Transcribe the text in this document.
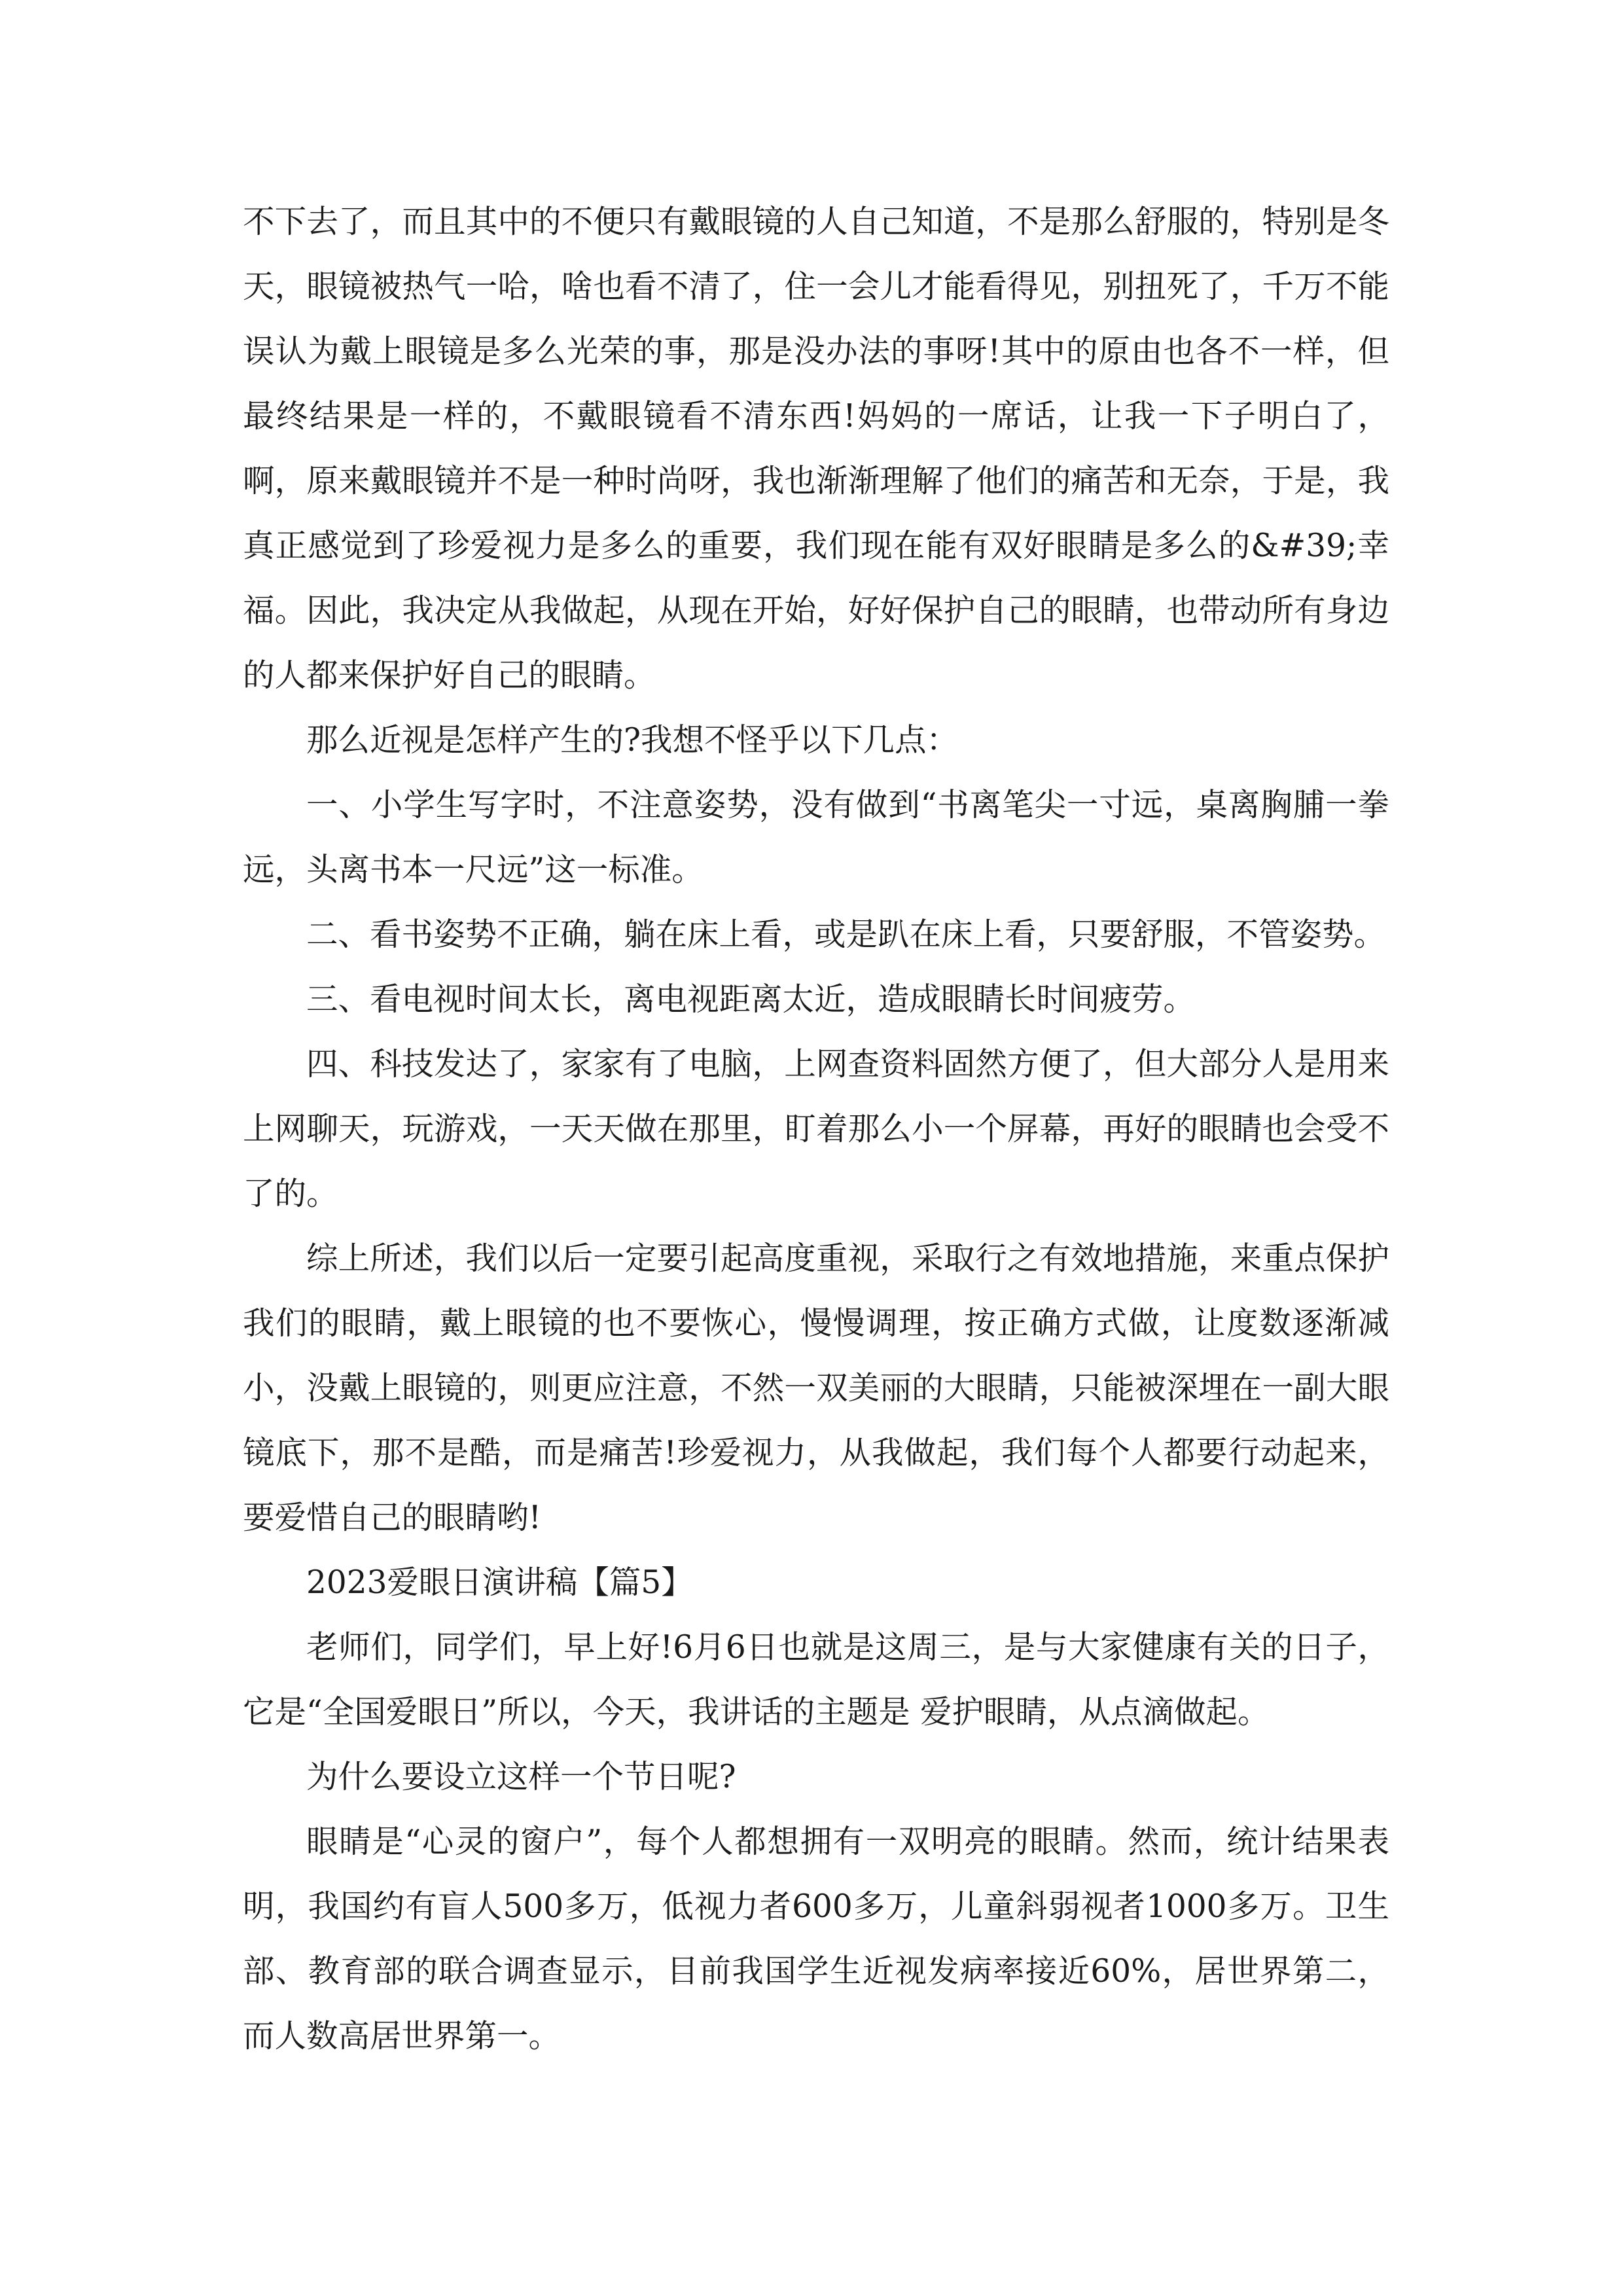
不下去了，而且其中的不便只有戴眼镜的人自己知道，不是那么舒服的，特别是冬天，眼镜被热气一哈，啥也看不清了，住一会儿才能看得见，别扭死了，千万不能误认为戴上眼镜是多么光荣的事，那是没办法的事呀!其中的原由也各不一样，但最终结果是一样的，不戴眼镜看不清东西!妈妈的一席话，让我一下子明白了，啊，原来戴眼镜并不是一种时尚呀，我也渐渐理解了他们的痛苦和无奈，于是，我真正感觉到了珍爱视力是多么的重要，我们现在能有双好眼睛是多么的&#39;幸福。因此，我决定从我做起，从现在开始，好好保护自己的眼睛，也带动所有身边的人都来保护好自己的眼睛。

那么近视是怎样产生的?我想不怪乎以下几点：

一、小学生写字时，不注意姿势，没有做到“书离笔尖一寸远，桌离胸脯一拳远，头离书本一尺远”这一标准。

二、看书姿势不正确，躺在床上看，或是趴在床上看，只要舒服，不管姿势。

三、看电视时间太长，离电视距离太近，造成眼睛长时间疲劳。

四、科技发达了，家家有了电脑，上网查资料固然方便了，但大部分人是用来上网聊天，玩游戏，一天天做在那里，盯着那么小一个屏幕，再好的眼睛也会受不了的。

综上所述，我们以后一定要引起高度重视，采取行之有效地措施，来重点保护我们的眼睛，戴上眼镜的也不要恢心，慢慢调理，按正确方式做，让度数逐渐减小，没戴上眼镜的，则更应注意，不然一双美丽的大眼睛，只能被深埋在一副大眼镜底下，那不是酷，而是痛苦!珍爱视力，从我做起，我们每个人都要行动起来，要爱惜自己的眼睛哟!

2023爱眼日演讲稿【篇5】

老师们，同学们，早上好!6月6日也就是这周三，是与大家健康有关的日子，它是“全国爱眼日”所以，今天，我讲话的主题是 爱护眼睛，从点滴做起。

为什么要设立这样一个节日呢?

眼睛是“心灵的窗户”，每个人都想拥有一双明亮的眼睛。然而，统计结果表明，我国约有盲人500多万，低视力者600多万，儿童斜弱视者1000多万。卫生部、教育部的联合调查显示，目前我国学生近视发病率接近60%，居世界第二，而人数高居世界第一。
